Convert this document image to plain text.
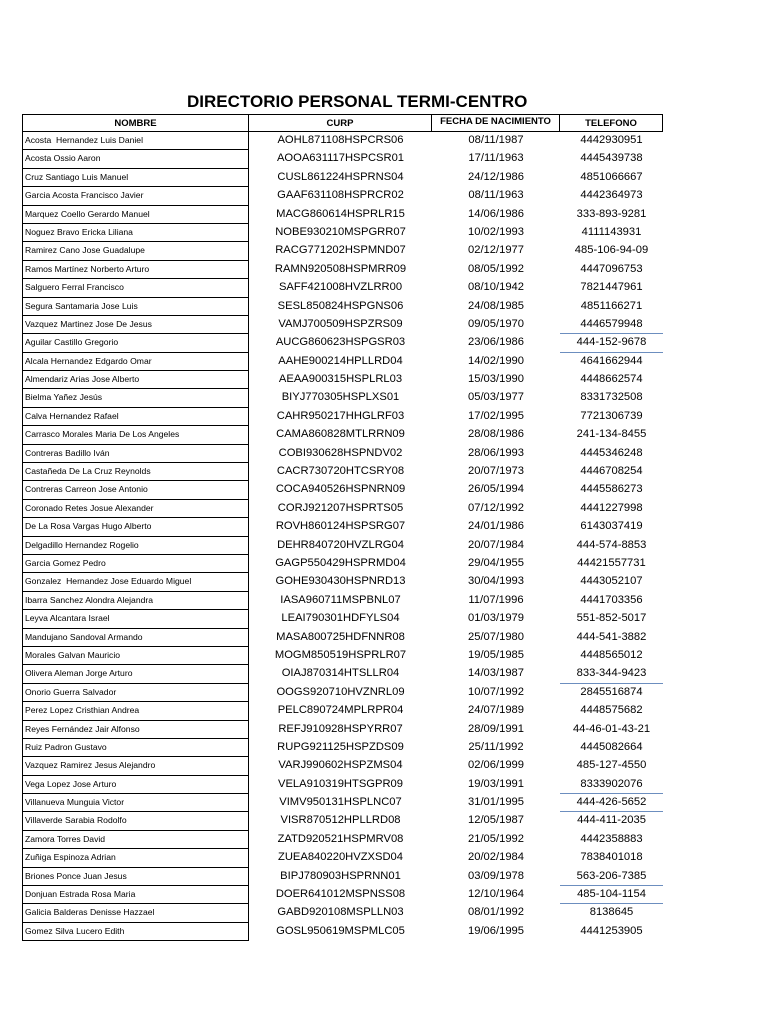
DIRECTORIO PERSONAL TERMI-CENTRO
NOMBRE	CURP	FECHA DE NACIMIENTO	TELEFONO
Acosta  Hernandez Luis Daniel	AOHL871108HSPCRS06	08/11/1987	4442930951
Acosta Ossio Aaron	AOOA631117HSPCSR01	17/11/1963	4445439738
Cruz Santiago Luis Manuel	CUSL861224HSPRNS04	24/12/1986	4851066667
Garcia Acosta Francisco Javier	GAAF631108HSPRCR02	08/11/1963	4442364973
Marquez Coello Gerardo Manuel	MACG860614HSPRLR15	14/06/1986	333-893-9281
Noguez Bravo Ericka Liliana	NOBE930210MSPGRR07	10/02/1993	4111143931
Ramirez Cano Jose Guadalupe	RACG771202HSPMND07	02/12/1977	485-106-94-09
Ramos Martínez Norberto Arturo	RAMN920508HSPMRR09	08/05/1992	4447096753
Salguero Ferral Francisco	SAFF421008HVZLRR00	08/10/1942	7821447961
Segura Santamaria Jose Luis	SESL850824HSPGNS06	24/08/1985	4851166271
Vazquez Martinez Jose De Jesus	VAMJ700509HSPZRS09	09/05/1970	4446579948
Aguilar Castillo Gregorio	AUCG860623HSPGSR03	23/06/1986	444-152-9678
Alcala Hernandez Edgardo Omar	AAHE900214HPLLRD04	14/02/1990	4641662944
Almendariz Arias Jose Alberto	AEAA900315HSPLRL03	15/03/1990	4448662574
Bielma Yañez Jesús	BIYJ770305HSPLXS01	05/03/1977	8331732508
Calva Hernandez Rafael	CAHR950217HHGLRF03	17/02/1995	7721306739
Carrasco Morales Maria De Los Angeles	CAMA860828MTLRRN09	28/08/1986	241-134-8455
Contreras Badillo Iván	COBI930628HSPNDV02	28/06/1993	4445346248
Castañeda De La Cruz Reynolds	CACR730720HTCSRY08	20/07/1973	4446708254
Contreras Carreon Jose Antonio	COCA940526HSPNRN09	26/05/1994	4445586273
Coronado Retes Josue Alexander	CORJ921207HSPRTS05	07/12/1992	4441227998
De La Rosa Vargas Hugo Alberto	ROVH860124HSPSRG07	24/01/1986	6143037419
Delgadillo Hernandez Rogelio	DEHR840720HVZLRG04	20/07/1984	444-574-8853
Garcia Gomez Pedro	GAGP550429HSPRMD04	29/04/1955	44421557731
Gonzalez  Hernandez Jose Eduardo Miguel	GOHE930430HSPNRD13	30/04/1993	4443052107
Ibarra Sanchez Alondra Alejandra	IASA960711MSPBNL07	11/07/1996	4441703356
Leyva Alcantara Israel	LEAI790301HDFYLS04	01/03/1979	551-852-5017
Mandujano Sandoval Armando	MASA800725HDFNNR08	25/07/1980	444-541-3882
Morales Galvan Mauricio	MOGM850519HSPRLR07	19/05/1985	4448565012
Olivera Aleman Jorge Arturo	OIAJ870314HTSLLR04	14/03/1987	833-344-9423
Onorio Guerra Salvador	OOGS920710HVZNRL09	10/07/1992	2845516874
Perez Lopez Cristhian Andrea	PELC890724MPLRPR04	24/07/1989	4448575682
Reyes Fernández Jair Alfonso	REFJ910928HSPYRR07	28/09/1991	44-46-01-43-21
Ruiz Padron Gustavo	RUPG921125HSPZDS09	25/11/1992	4445082664
Vazquez Ramirez Jesus Alejandro	VARJ990602HSPZMS04	02/06/1999	485-127-4550
Vega Lopez Jose Arturo	VELA910319HTSGPR09	19/03/1991	8333902076
Villanueva Munguia Victor	VIMV950131HSPLNC07	31/01/1995	444-426-5652
Villaverde Sarabia Rodolfo	VISR870512HPLLRD08	12/05/1987	444-411-2035
Zamora Torres David	ZATD920521HSPMRV08	21/05/1992	4442358883
Zuñiga Espinoza Adrian	ZUEA840220HVZXSD04	20/02/1984	7838401018
Briones Ponce Juan Jesus	BIPJ780903HSPRNN01	03/09/1978	563-206-7385
Donjuan Estrada Rosa Maria	DOER641012MSPNSS08	12/10/1964	485-104-1154
Galicia Balderas Denisse Hazzael	GABD920108MSPLLN03	08/01/1992	8138645
Gomez Silva Lucero Edith	GOSL950619MSPMLC05	19/06/1995	4441253905
